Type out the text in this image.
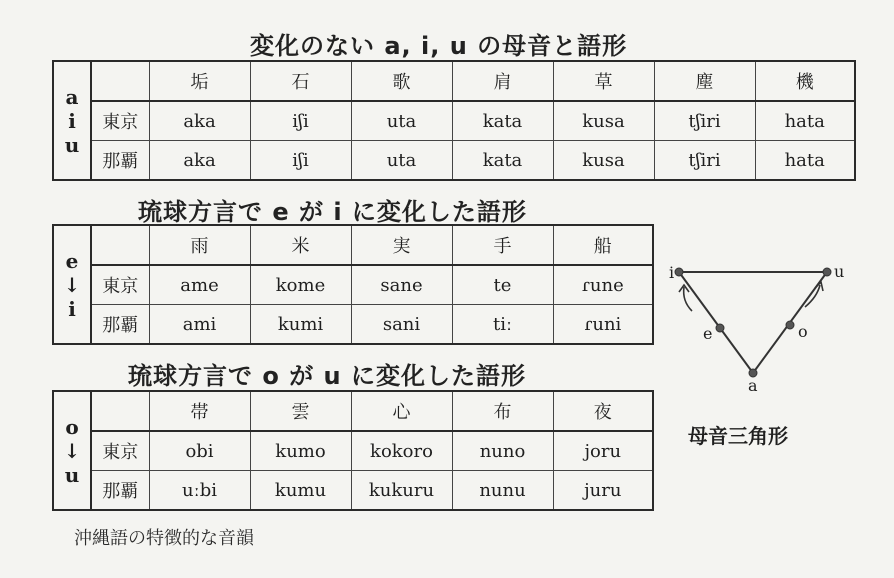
変化のない a, i, u の母音と語形
琉球方言で e が i に変化した語形
琉球方言で o が u に変化した語形
a
i
u		垢	石	歌	肩	草	塵	機
	東京	aka	iʃi	uta	kata	kusa	tʃiri	hata
	那覇	aka	iʃi	uta	kata	kusa	tʃiri	hata
e
↓
i		雨	米	実	手	船
	東京	ame	kome	sane	te	ɾune
	那覇	ami	kumi	sani	tiː	ɾuni
o
↓
u		帯	雲	心	布	夜
	東京	obi	kumo	kokoro	nuno	joru
	那覇	uːbi	kumu	kukuru	nunu	juru
i	u
e	o
a
母音三角形
沖縄語の特徴的な音韻
